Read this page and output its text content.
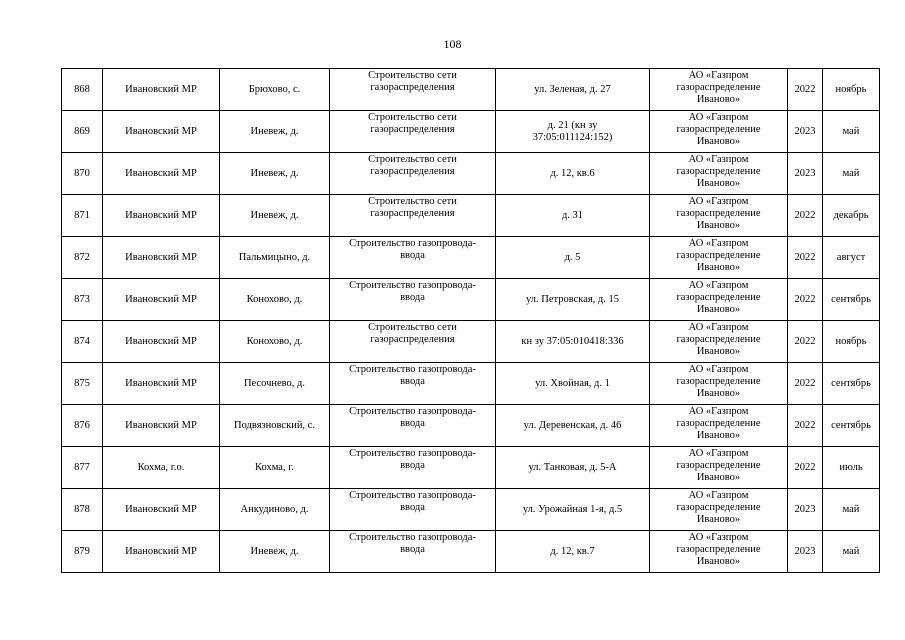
108
868	Ивановский МР	Брюхово, с.	Строительство сети
газораспределения	ул. Зеленая, д. 27	АО «Газпром
газораспределение
Иваново»	2022	ноябрь
869	Ивановский МР	Иневеж, д.	Строительство сети
газораспределения	д. 21 (кн зу
37:05:011124:152)	АО «Газпром
газораспределение
Иваново»	2023	май
870	Ивановский МР	Иневеж, д.	Строительство сети
газораспределения	д. 12, кв.6	АО «Газпром
газораспределение
Иваново»	2023	май
871	Ивановский МР	Иневеж, д.	Строительство сети
газораспределения	д. 31	АО «Газпром
газораспределение
Иваново»	2022	декабрь
872	Ивановский МР	Пальмицыно, д.	Строительство газопровода-
ввода	д. 5	АО «Газпром
газораспределение
Иваново»	2022	август
873	Ивановский МР	Конохово, д.	Строительство газопровода-
ввода	ул. Петровская, д. 15	АО «Газпром
газораспределение
Иваново»	2022	сентябрь
874	Ивановский МР	Конохово, д.	Строительство сети
газораспределения	кн зу 37:05:010418:336	АО «Газпром
газораспределение
Иваново»	2022	ноябрь
875	Ивановский МР	Песочнево, д.	Строительство газопровода-
ввода	ул. Хвойная, д. 1	АО «Газпром
газораспределение
Иваново»	2022	сентябрь
876	Ивановский МР	Подвязновский, с.	Строительство газопровода-
ввода	ул. Деревенская, д. 46	АО «Газпром
газораспределение
Иваново»	2022	сентябрь
877	Кохма, г.о.	Кохма, г.	Строительство газопровода-
ввода	ул. Танковая, д. 5-А	АО «Газпром
газораспределение
Иваново»	2022	июль
878	Ивановский МР	Анкудиново, д.	Строительство газопровода-
ввода	ул. Урожайная 1-я, д.5	АО «Газпром
газораспределение
Иваново»	2023	май
879	Ивановский МР	Иневеж, д.	Строительство газопровода-
ввода	д. 12, кв.7	АО «Газпром
газораспределение
Иваново»	2023	май
